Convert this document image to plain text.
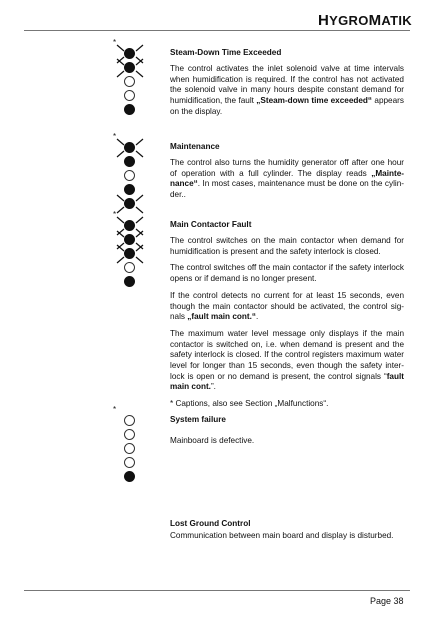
HYGROMATIK
*
*
*
*
Steam-Down Time Exceeded

The control activates the inlet solenoid valve at time intervals when humidification is required. If the control has not activated the solenoid valve in many hours despite constant demand for humidification, the fault „Steam-down time exceeded“ appears on the display.

Maintenance

The control also turns the humidity generator off after one hour of operation with a full cylinder. The display reads „Mainte-nance“. In most cases, maintenance must be done on the cylin-der..

Main Contactor Fault

The control switches on the main contactor when demand for humidification is present and the safety interlock is closed.

The control switches off the main contactor if the safety interlock opens or if demand is no longer present.

If the control detects no current for at least 15 seconds, even though the main contactor should be activated, the control sig-nals „fault main cont.“.

The maximum water level message only displays if the main contactor is switched on, i.e. when demand is present and the safety interlock is closed. If the control registers maximum water level for longer than 15 seconds, even though the safety inter-lock is open or no demand is present, the control signals “fault main cont.”.

* Captions, also see Section „Malfunctions“.

System failure

Mainboard is defective.

Lost Ground Control

Communication between main board and display is disturbed.

Page 38
